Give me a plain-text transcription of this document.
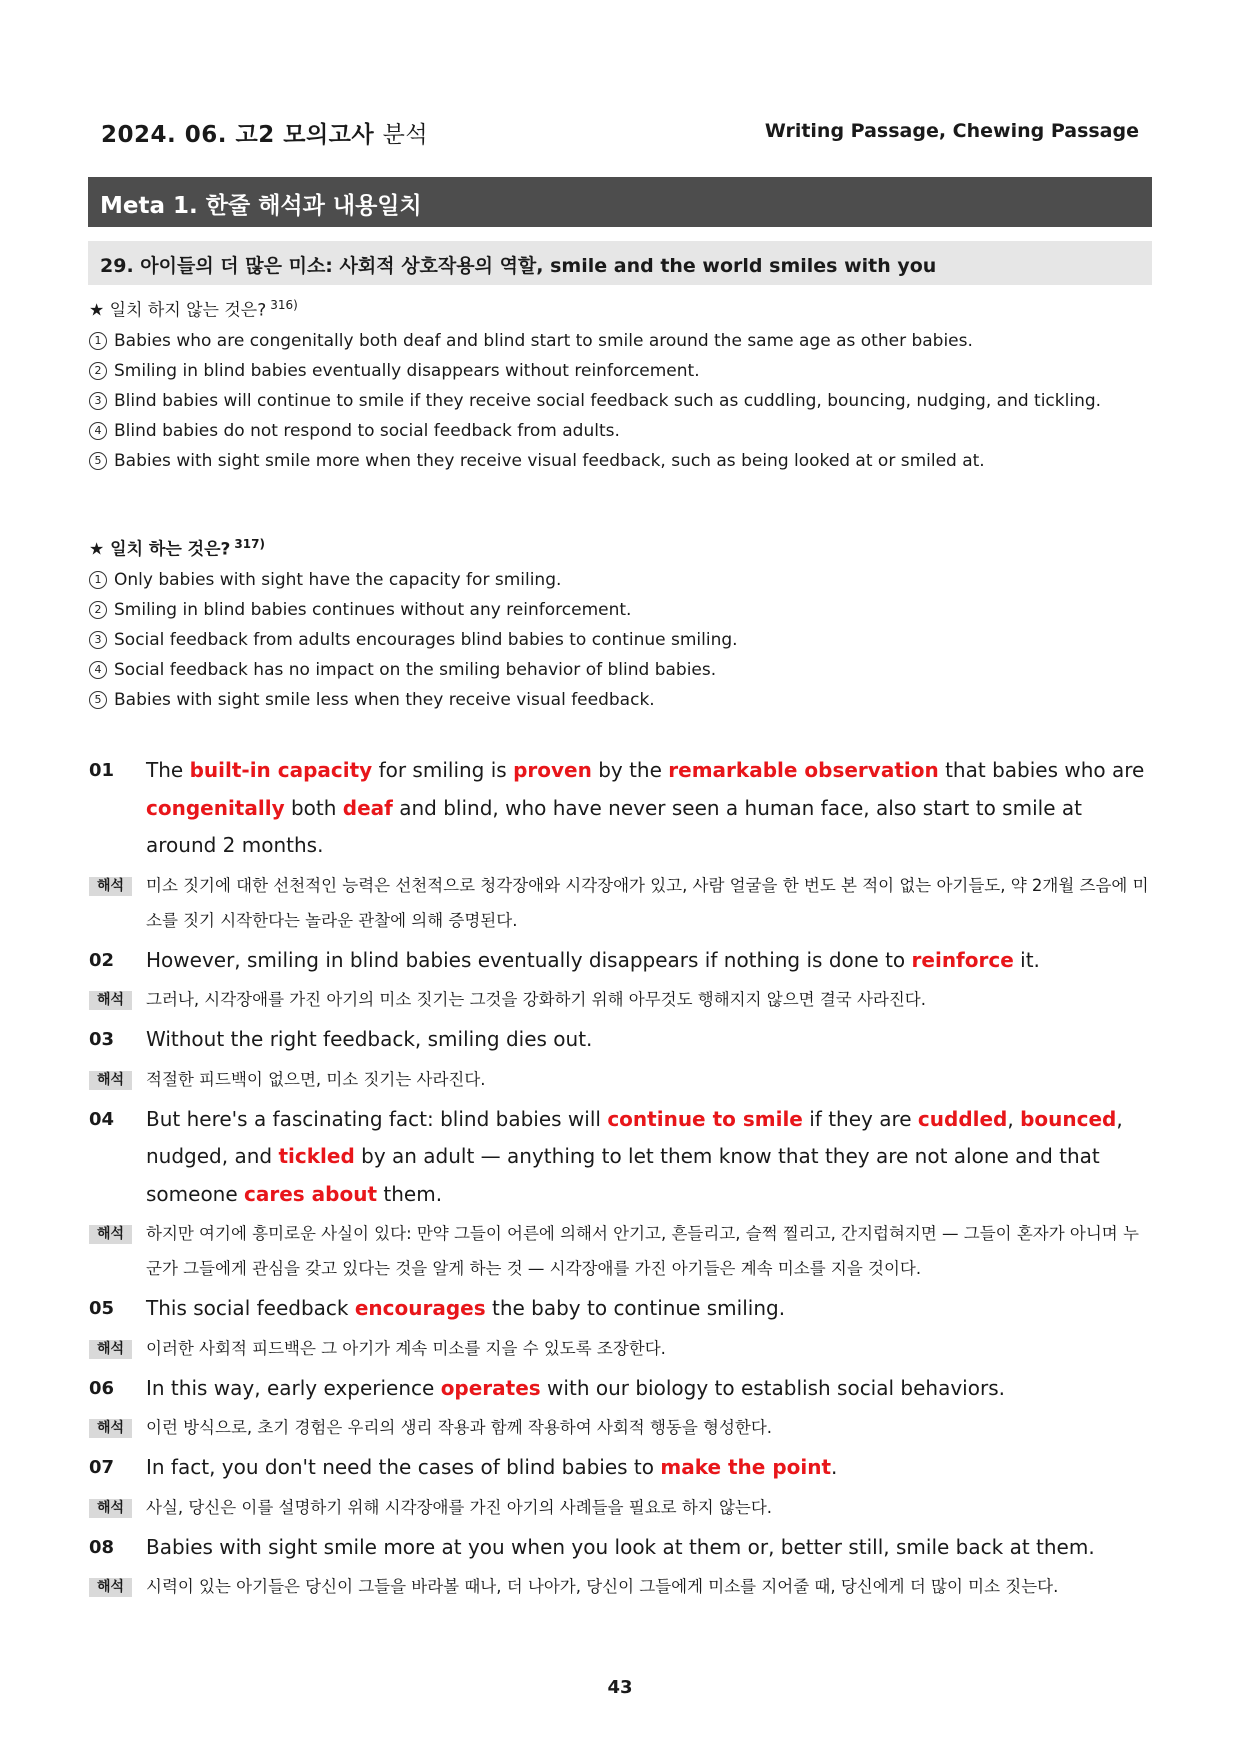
2024. 06. 고2 모의고사 분석	Writing Passage, Chewing Passage
Meta 1. 한줄 해석과 내용일치
29. 아이들의 더 많은 미소: 사회적 상호작용의 역할, smile and the world smiles with you
★ 일치 하지 않는 것은? $^{316)}$
1 Babies who are congenitally both deaf and blind start to smile around the same age as other babies.
2 Smiling in blind babies eventually disappears without reinforcement.
3 Blind babies will continue to smile if they receive social feedback such as cuddling, bouncing, nudging, and tickling.
4 Blind babies do not respond to social feedback from adults.
5 Babies with sight smile more when they receive visual feedback, such as being looked at or smiled at.
★ 일치 하는 것은? $^{317)}$
1 Only babies with sight have the capacity for smiling.
2 Smiling in blind babies continues without any reinforcement.
3 Social feedback from adults encourages blind babies to continue smiling.
4 Social feedback has no impact on the smiling behavior of blind babies.
5 Babies with sight smile less when they receive visual feedback.
01 The built-in capacity for smiling is proven by the remarkable observation that babies who are congenitally both deaf and blind, who have never seen a human face, also start to smile at around 2 months.
해석	미소 짓기에 대한 선천적인 능력은 선천적으로 청각장애와 시각장애가 있고, 사람 얼굴을 한 번도 본 적이 없는 아기들도, 약 2개월 즈음에 미소를 짓기 시작한다는 놀라운 관찰에 의해 증명된다.
02 However, smiling in blind babies eventually disappears if nothing is done to reinforce it.
해석	그러나, 시각장애를 가진 아기의 미소 짓기는 그것을 강화하기 위해 아무것도 행해지지 않으면 결국 사라진다.
03 Without the right feedback, smiling dies out.
해석	적절한 피드백이 없으면, 미소 짓기는 사라진다.
04 But here's a fascinating fact: blind babies will continue to smile if they are cuddled, bounced, nudged, and tickled by an adult — anything to let them know that they are not alone and that someone cares about them.
해석	하지만 여기에 흥미로운 사실이 있다: 만약 그들이 어른에 의해서 안기고, 흔들리고, 슬쩍 찔리고, 간지럽혀지면 — 그들이 혼자가 아니며 누군가 그들에게 관심을 갖고 있다는 것을 알게 하는 것 — 시각장애를 가진 아기들은 계속 미소를 지을 것이다.
05 This social feedback encourages the baby to continue smiling.
해석	이러한 사회적 피드백은 그 아기가 계속 미소를 지을 수 있도록 조장한다.
06 In this way, early experience operates with our biology to establish social behaviors.
해석	이런 방식으로, 초기 경험은 우리의 생리 작용과 함께 작용하여 사회적 행동을 형성한다.
07 In fact, you don't need the cases of blind babies to make the point.
해석	사실, 당신은 이를 설명하기 위해 시각장애를 가진 아기의 사례들을 필요로 하지 않는다.
08 Babies with sight smile more at you when you look at them or, better still, smile back at them.
해석	시력이 있는 아기들은 당신이 그들을 바라볼 때나, 더 나아가, 당신이 그들에게 미소를 지어줄 때, 당신에게 더 많이 미소 짓는다.
43
